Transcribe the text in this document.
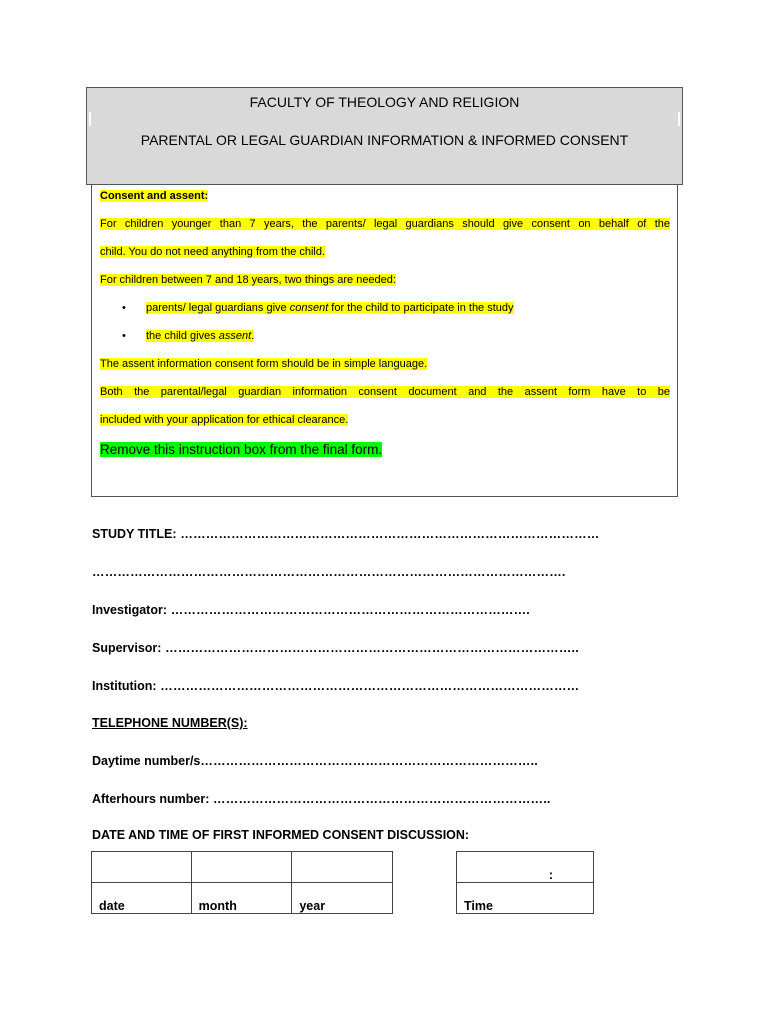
FACULTY OF THEOLOGY AND RELIGION
PARENTAL OR LEGAL GUARDIAN INFORMATION & INFORMED CONSENT
Consent and assent:
For children younger than 7 years, the parents/ legal guardians should give consent on behalf of the
child. You do not need anything from the child.
For children between 7 and 18 years, two things are needed:
• parents/ legal guardians give consent for the child to participate in the study
• the child gives assent.
The assent information consent form should be in simple language.
Both the parental/legal guardian information consent document and the assent form have to be
included with your application for ethical clearance.
Remove this instruction box from the final form.
STUDY TITLE: ………………………………………………………………………………………
………………………………………………………………………………………………….
Investigator: ………………………………………………………………………….
Supervisor: ……………………………………………………………………………………..
Institution: ………………………………………………………………………………………
TELEPHONE NUMBER(S):
Daytime number/s……………………………………………………………………..
Afterhours number: ……………………………………………………………………..
DATE AND TIME OF FIRST INFORMED CONSENT DISCUSSION:

date	month	year
:
Time
